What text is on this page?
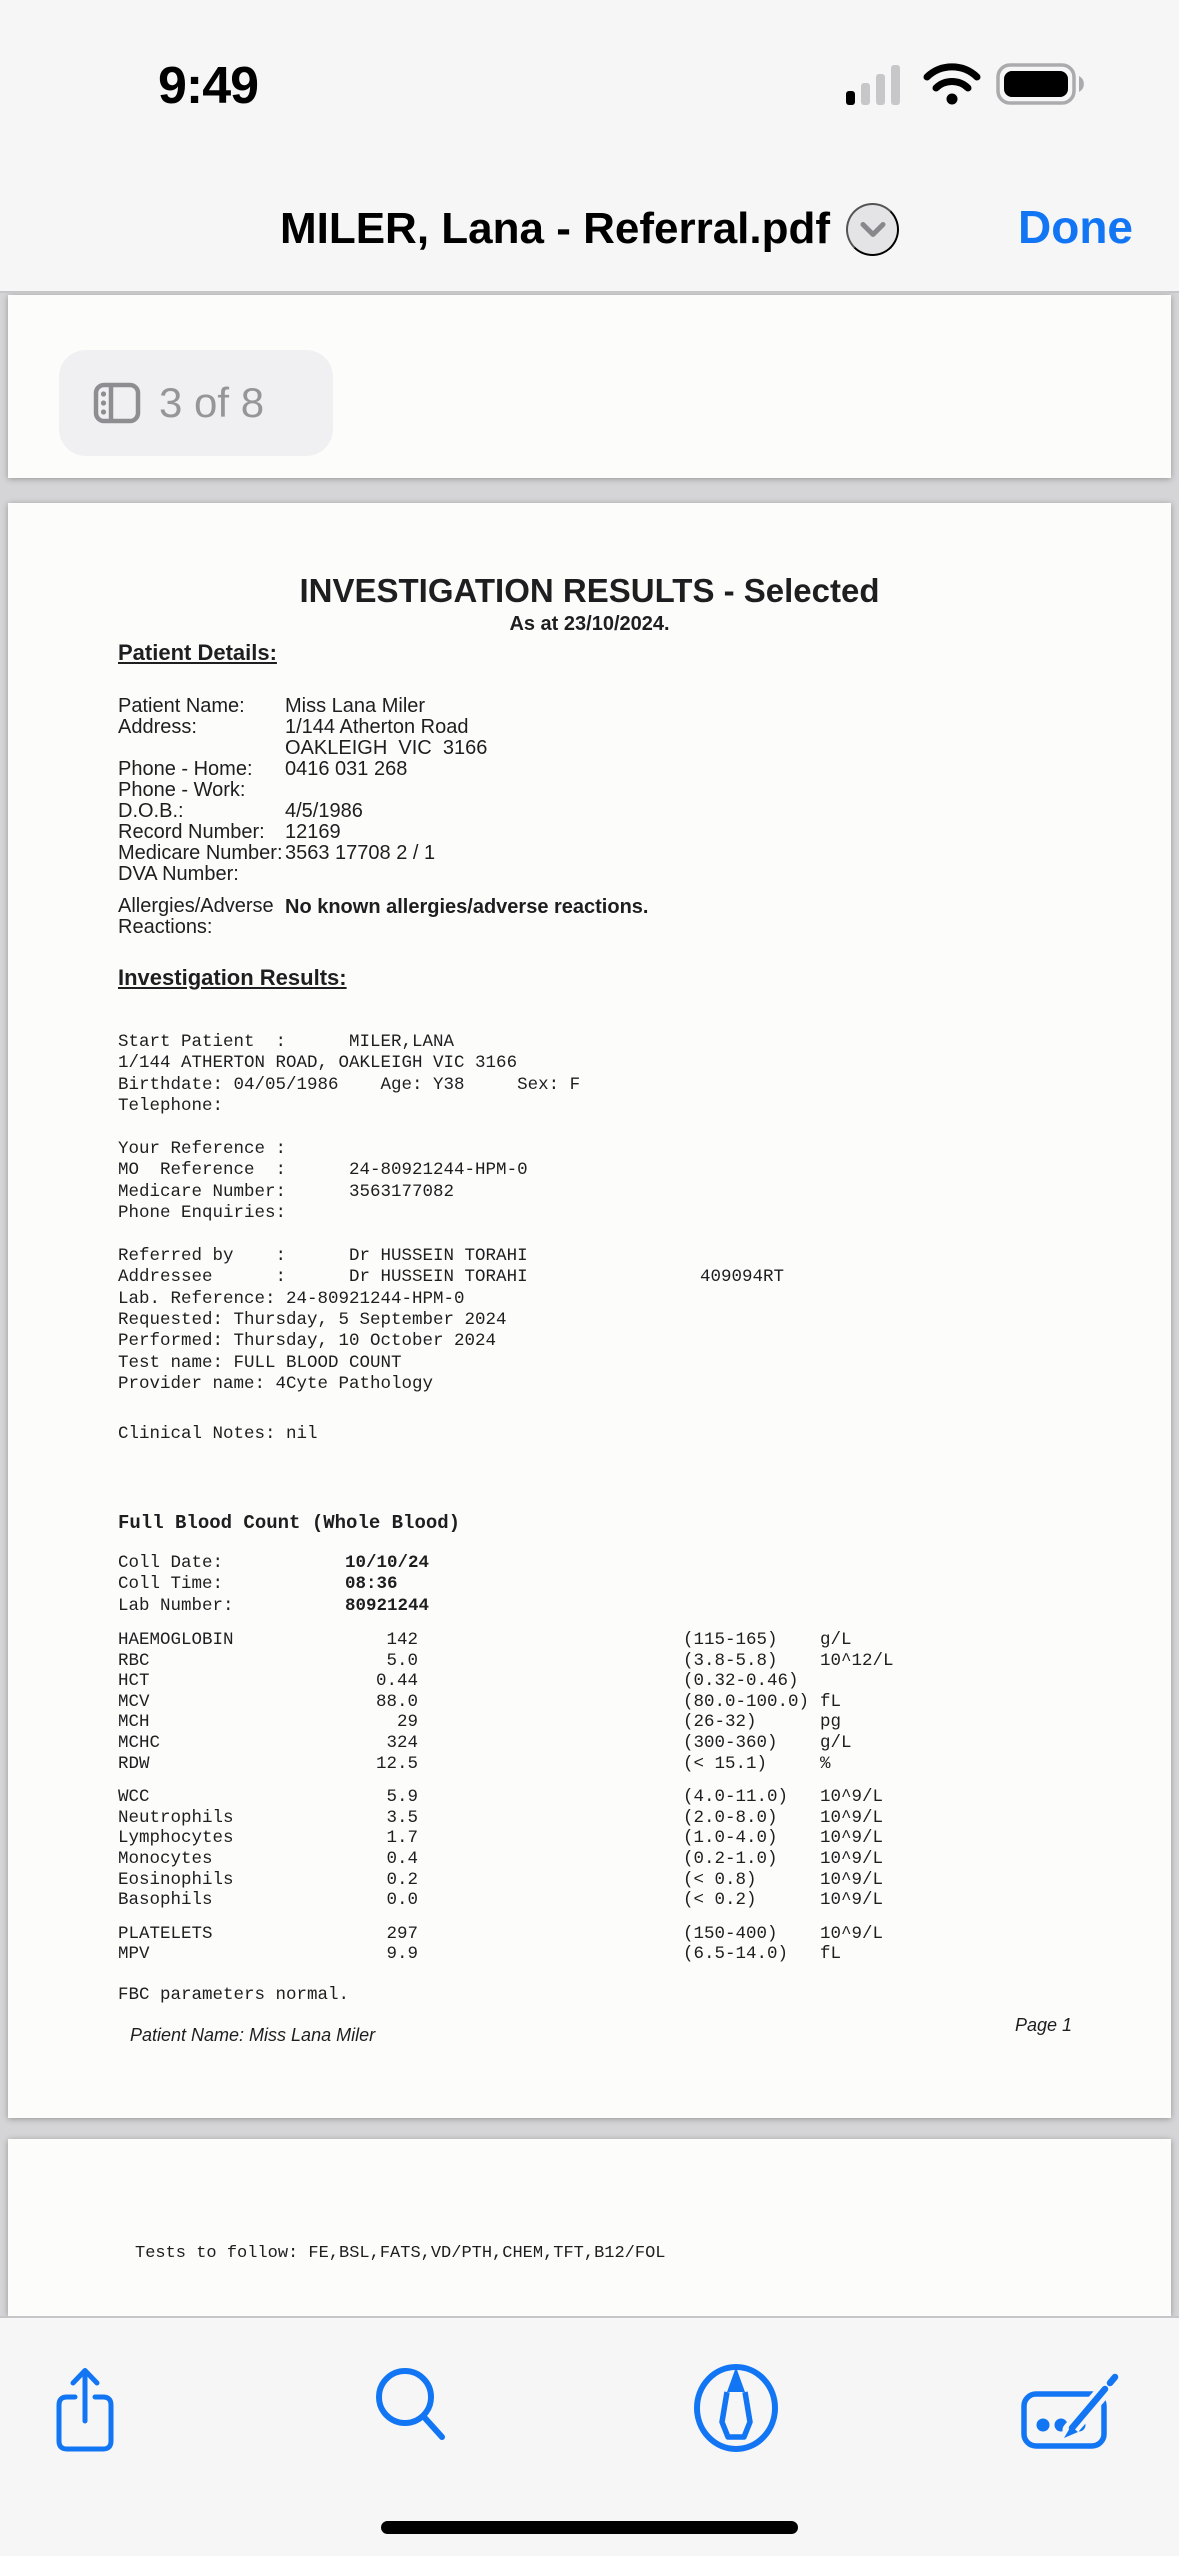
9:49
MILER, Lana - Referral.pdf	Done
3 of 8
INVESTIGATION RESULTS - Selected
As at 23/10/2024.
Patient Details:
Patient Name: Miss Lana Miler
Address:	1/144 Atherton Road
OAKLEIGH  VIC  3166
Phone - Home: 0416 031 268
Phone - Work:
D.O.B.:	4/5/1986
Record Number: 12169
Medicare Number: 3563 17708 2 / 1
DVA Number:
Allergies/Adverse
Reactions:
No known allergies/adverse reactions.
Investigation Results:
Start Patient  :      MILER,LANA
1/144 ATHERTON ROAD, OAKLEIGH VIC 3166
Birthdate: 04/05/1986    Age: Y38     Sex: F
Telephone:
Your Reference :
MO  Reference  :      24-80921244-HPM-0
Medicare Number:      3563177082
Phone Enquiries:
Referred by    :      Dr HUSSEIN TORAHI
Addressee      :      Dr HUSSEIN TORAHI
Lab. Reference: 24-80921244-HPM-0
Requested: Thursday, 5 September 2024
Performed: Thursday, 10 October 2024
Test name: FULL BLOOD COUNT
Provider name: 4Cyte Pathology
409094RT
Clinical Notes: nil
Full Blood Count (Whole Blood)
Coll Date:	10/10/24
Coll Time:	08:36
Lab Number:	80921244
HAEMOGLOBIN	142	(115-165) g/L
RBC	5.0	(3.8-5.8) 10^12/L
HCT	0.44	(0.32-0.46)
MCV	88.0	(80.0-100.0) fL
MCH	29	(26-32)	pg
MCHC	324	(300-360) g/L
RDW	12.5	(< 15.1)	%
WCC	5.9	(4.0-11.0) 10^9/L
Neutrophils	3.5	(2.0-8.0) 10^9/L
Lymphocytes	1.7	(1.0-4.0) 10^9/L
Monocytes	0.4	(0.2-1.0) 10^9/L
Eosinophils	0.2	(< 0.8)	10^9/L
Basophils	0.0	(< 0.2)	10^9/L
PLATELETS	297	(150-400) 10^9/L
MPV	9.9	(6.5-14.0) fL
FBC parameters normal.
Patient Name: Miss Lana Miler	Page 1
Tests to follow: FE,BSL,FATS,VD/PTH,CHEM,TFT,B12/FOL
